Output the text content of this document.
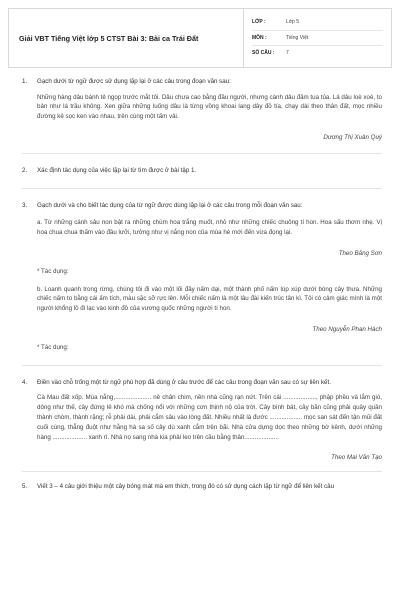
Giải VBT Tiếng Việt lớp 5 CTST Bài 3: Bài ca Trái Đất
LỚP :	Lớp 5
MÔN :	Tiếng Việt
SỐ CÂU :	7
1.	Gạch dưới từ ngữ được sử dụng lặp lại ở các câu trong đoạn văn sau:
Những hàng dâu bánh tẻ ngọp trước mắt tôi. Dâu chưa cao bằng đầu người, nhưng cành dâu đâm tua tủa. Lá dâu loè xoè, to bản như lá trầu không. Xen giữa những luống dâu là từng vồng khoai lang dây đỏ tía, chạy dài theo thân đất, mọc nhiều đường kẻ sọc ken vào nhau, trên cùng một tấm vải.
Dương Thị Xuân Quý
2.	Xác định tác dụng của việc lặp lại từ tìm được ở bài tập 1.
3.	Gạch dưới và cho biết tác dụng của từ ngữ được dùng lặp lại ở các câu trong mỗi đoạn văn sau:
a. Từ những cánh sâu non bật ra những chùm hoa trắng muốt, nhỏ như những chiếc chuông tí hon. Hoa sấu thơm nhẹ. Vị hoa chua chua thấm vào đầu lưỡi, tưởng như vị nắng non của mùa hè mới đến vừa đọng lại.
Theo Băng Sơn
* Tác dụng:
b. Loanh quanh trong rừng, chúng tôi đi vào một lối đầy nấm dại, một thành phố nấm lúp xúp dưới bóng cây thưa. Những chiếc nấm to bằng cái ấm tích, màu sặc sỡ rực lên. Mỗi chiếc nấm là một lâu đài kiến trúc tân kì. Tôi có cảm giác mình là một người khổng lồ đi lạc vào kinh đô của vương quốc những người tí hon.
Theo Nguyễn Phan Hách
* Tác dụng:
4.	Điền vào chỗ trống một từ ngữ phù hợp đã dùng ở câu trước để các câu trong đoạn văn sau có sự liên kết.
Cà Mau đất xốp. Mùa nắng,..................... nẻ chân chim, nền nhà cũng rạn nứt. Trên cái ..................., phập phều và lắm gió, dông như thế, cây đứng lẻ khó mà chống nổi với những cơn thịnh nộ của trời. Cây bình bát, cây bần cũng phải quây quần thành chòm, thành rặng; rễ phải dài, phải cắm sâu vào lòng đất. Nhiều nhất là đước ................... mọc san sát đến tận mũi đất cuối cùng, thẳng đuột như hằng hà sa số cây dù xanh cắm trên bãi. Nhà cửa dựng dọc theo những bờ kênh, dưới những hàng .................... xanh rì. Nhà nọ sang nhà kia phải leo trên cầu bằng thân....................
Theo Mai Văn Tạo
5.	Viết 3 – 4 câu giới thiệu một cây bóng mát mà em thích, trong đó có sử dụng cách lặp từ ngữ để liên kết câu
